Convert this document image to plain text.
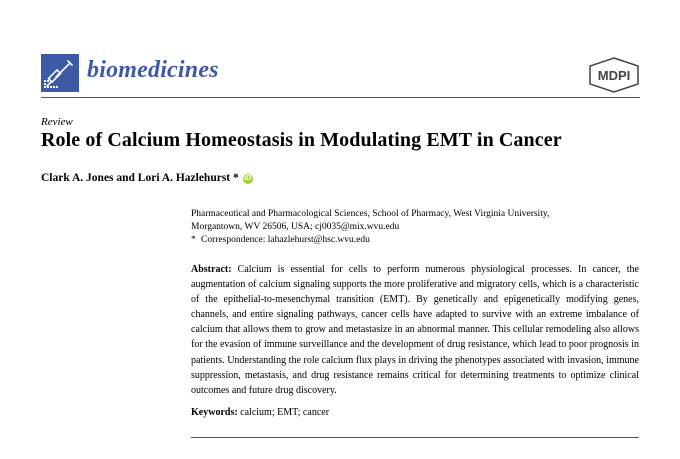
biomedicines	MDPI
Review
Role of Calcium Homeostasis in Modulating EMT in Cancer
Clark A. Jones and Lori A. Hazlehurst * iD
Pharmaceutical and Pharmacological Sciences, School of Pharmacy, West Virginia University,
Morgantown, WV 26506, USA; cj0035@mix.wvu.edu
* Correspondence: lahazlehurst@hsc.wvu.edu
Abstract: Calcium is essential for cells to perform numerous physiological processes. In cancer, the augmentation of calcium signaling supports the more proliferative and migratory cells, which is a characteristic of the epithelial-to-mesenchymal transition (EMT). By genetically and epigenetically modifying genes, channels, and entire signaling pathways, cancer cells have adapted to survive with an extreme imbalance of calcium that allows them to grow and metastasize in an abnormal manner. This cellular remodeling also allows for the evasion of immune surveillance and the development of drug resistance, which lead to poor prognosis in patients. Understanding the role calcium flux plays in driving the phenotypes associated with invasion, immune suppression, metastasis, and drug resistance remains critical for determining treatments to optimize clinical outcomes and future drug discovery.
Keywords: calcium; EMT; cancer
